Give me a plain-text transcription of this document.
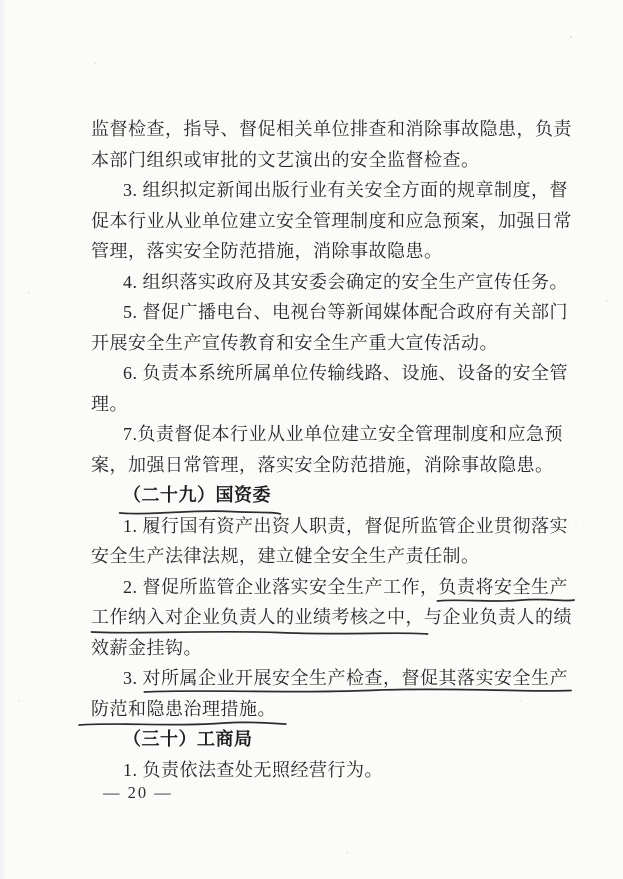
监督检查，指导、督促相关单位排查和消除事故隐患，负责
本部门组织或审批的文艺演出的安全监督检查。
3. 组织拟定新闻出版行业有关安全方面的规章制度，督
促本行业从业单位建立安全管理制度和应急预案，加强日常
管理，落实安全防范措施，消除事故隐患。
4. 组织落实政府及其安委会确定的安全生产宣传任务。
5. 督促广播电台、电视台等新闻媒体配合政府有关部门
开展安全生产宣传教育和安全生产重大宣传活动。
6. 负责本系统所属单位传输线路、设施、设备的安全管
理。
7.负责督促本行业从业单位建立安全管理制度和应急预
案，加强日常管理，落实安全防范措施，消除事故隐患。
（二十九）国资委
1. 履行国有资产出资人职责，督促所监管企业贯彻落实
安全生产法律法规，建立健全安全生产责任制。
2. 督促所监管企业落实安全生产工作，负责将安全生产
工作纳入对企业负责人的业绩考核之中，
与企业负责人的绩
效薪金挂钩。
3. 对所属企业开展安全生产检查，督促其落实安全生产
防范和隐患治理措施。
（三十）工商局
1. 负责依法查处无照经营行为。
— 20 —
